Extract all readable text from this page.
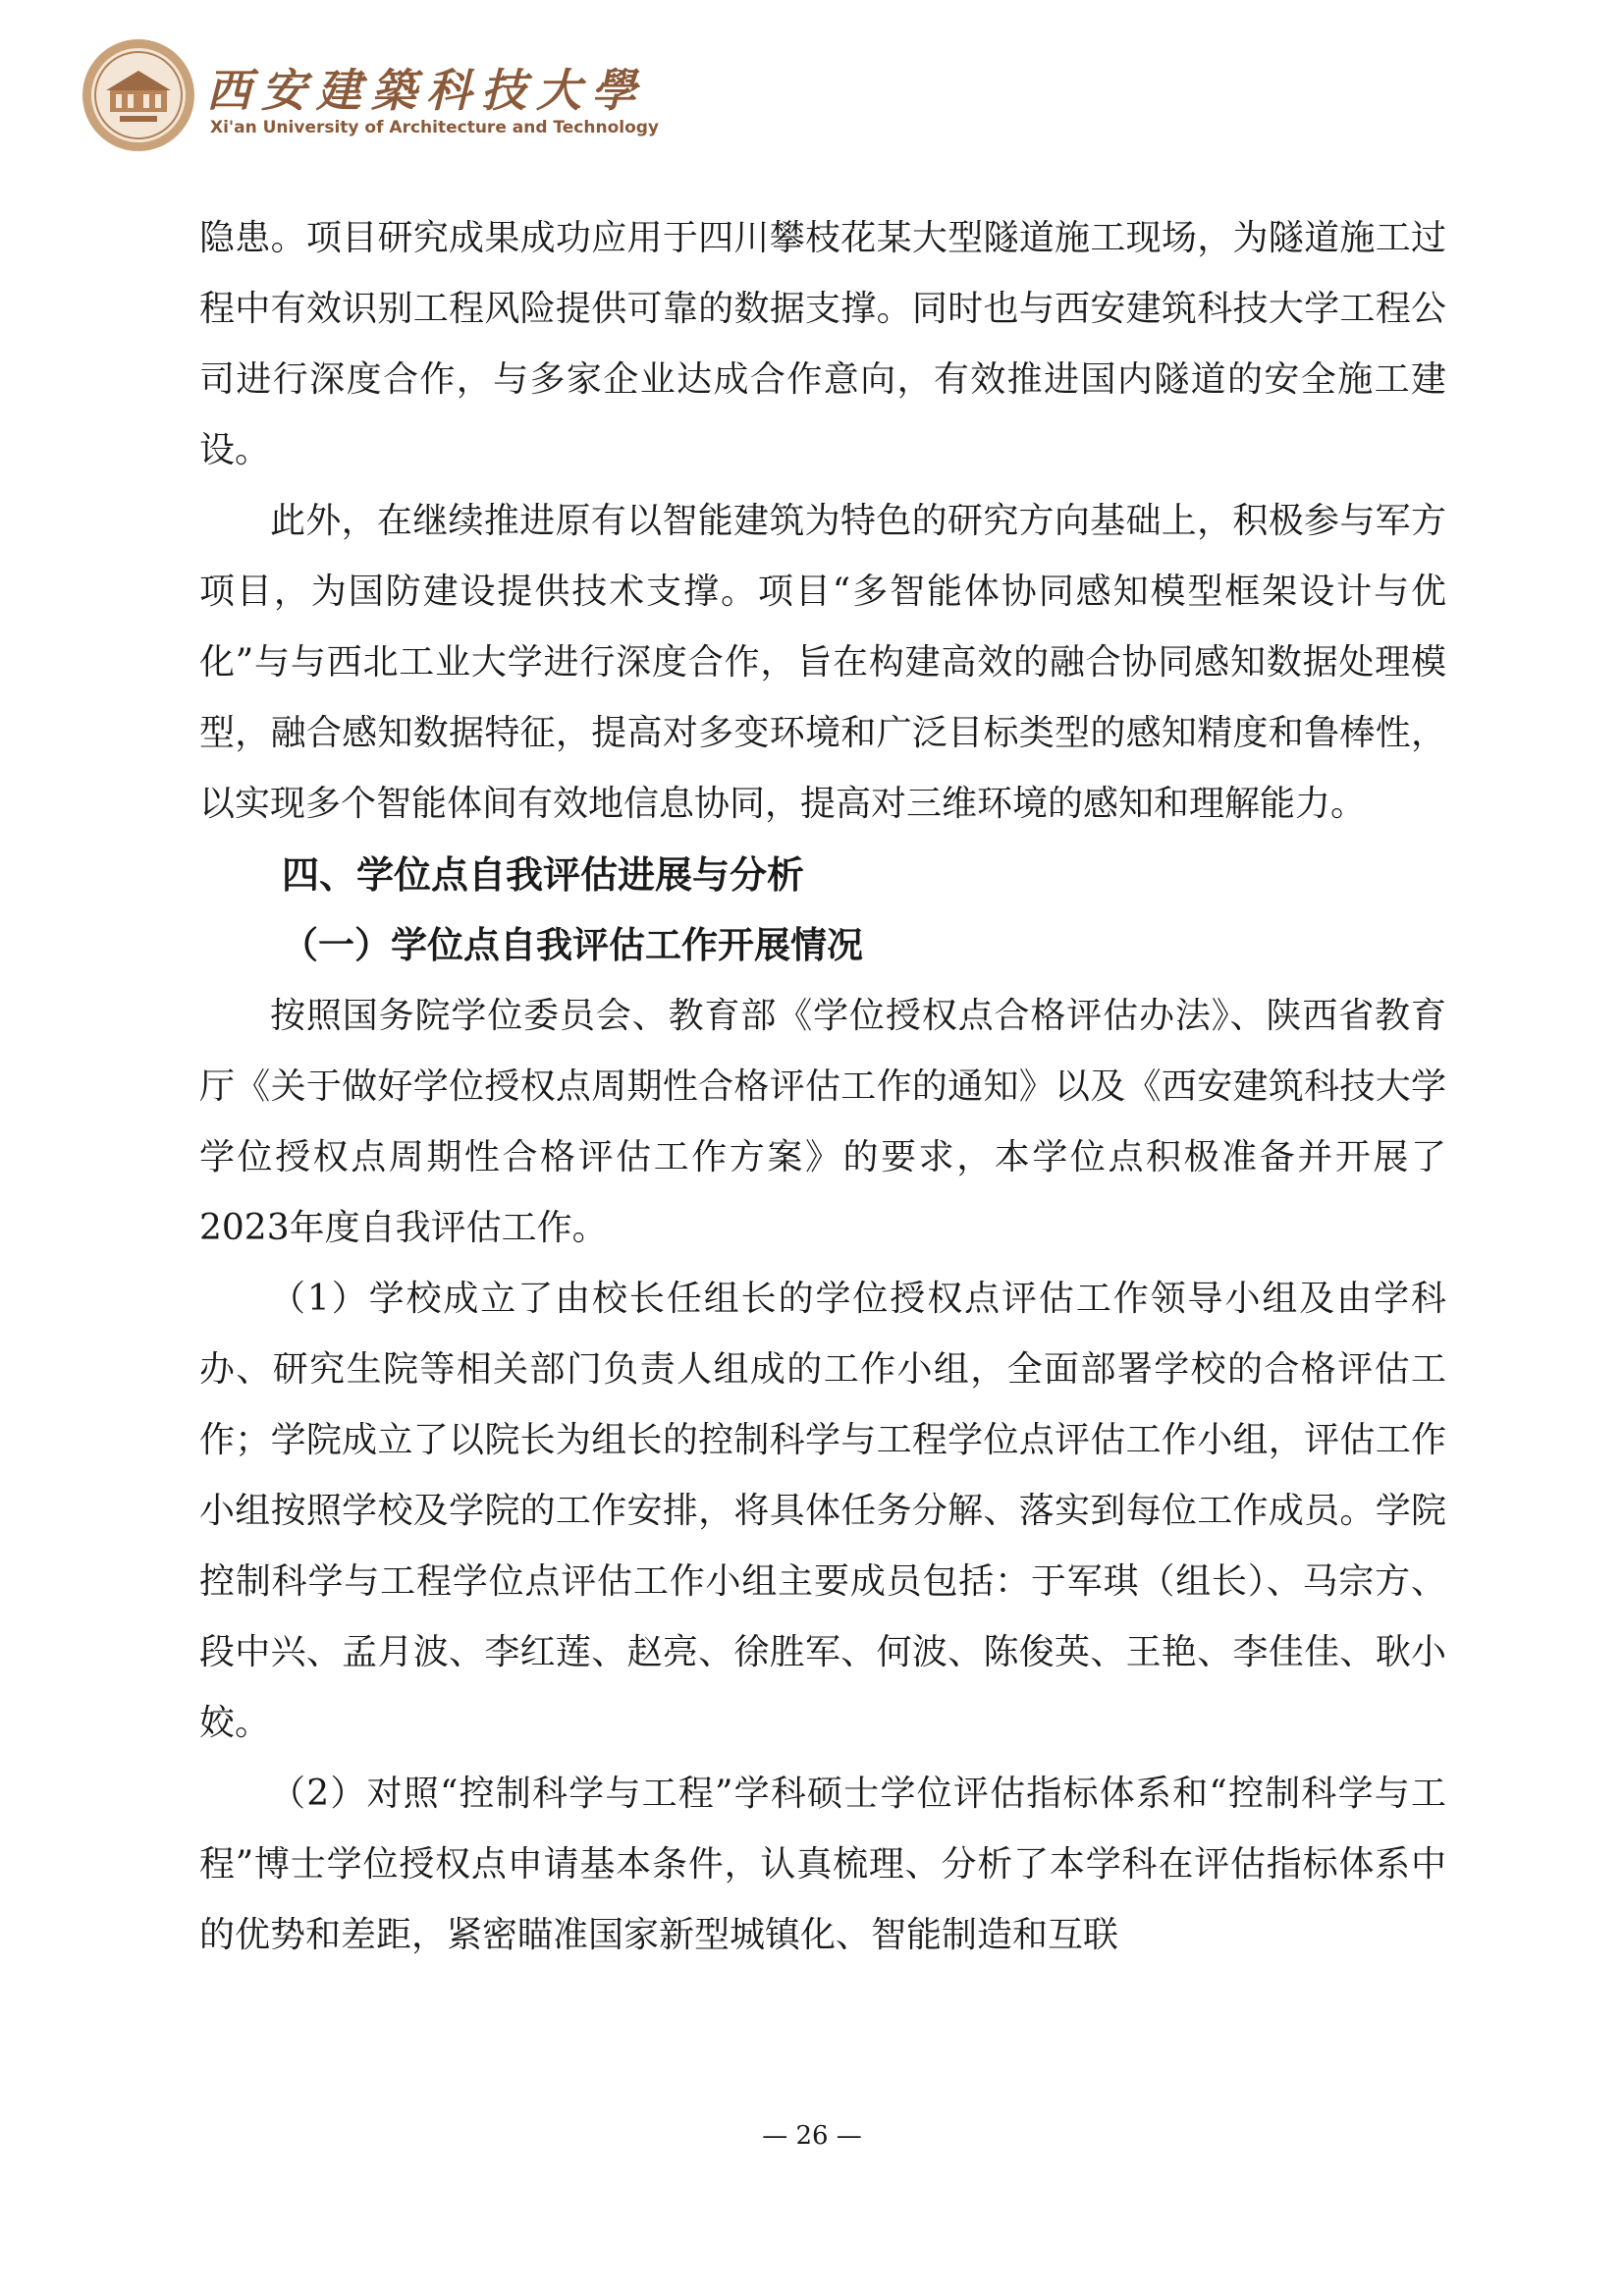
西安建築科技大學
Xi'an University of Architecture and Technology

隐患。项目研究成果成功应用于四川攀枝花某大型隧道施工现场，为隧道施工过程中有效识别工程风险提供可靠的数据支撑。同时也与西安建筑科技大学工程公司进行深度合作，与多家企业达成合作意向，有效推进国内隧道的安全施工建设。

此外，在继续推进原有以智能建筑为特色的研究方向基础上，积极参与军方项目，为国防建设提供技术支撑。项目“多智能体协同感知模型框架设计与优化”与与西北工业大学进行深度合作，旨在构建高效的融合协同感知数据处理模型，融合感知数据特征，提高对多变环境和广泛目标类型的感知精度和鲁棒性，以实现多个智能体间有效地信息协同，提高对三维环境的感知和理解能力。

四、学位点自我评估进展与分析
（一）学位点自我评估工作开展情况

按照国务院学位委员会、教育部《学位授权点合格评估办法》、陕西省教育厅《关于做好学位授权点周期性合格评估工作的通知》以及《西安建筑科技大学学位授权点周期性合格评估工作方案》的要求，本学位点积极准备并开展了2023年度自我评估工作。

（1）学校成立了由校长任组长的学位授权点评估工作领导小组及由学科办、研究生院等相关部门负责人组成的工作小组，全面部署学校的合格评估工作；学院成立了以院长为组长的控制科学与工程学位点评估工作小组，评估工作小组按照学校及学院的工作安排，将具体任务分解、落实到每位工作成员。学院控制科学与工程学位点评估工作小组主要成员包括：于军琪（组长）、马宗方、段中兴、孟月波、李红莲、赵亮、徐胜军、何波、陈俊英、王艳、李佳佳、耿小姣。

（2）对照“控制科学与工程”学科硕士学位评估指标体系和“控制科学与工程”博士学位授权点申请基本条件，认真梳理、分析了本学科在评估指标体系中的优势和差距，紧密瞄准国家新型城镇化、智能制造和互联

— 26 —
